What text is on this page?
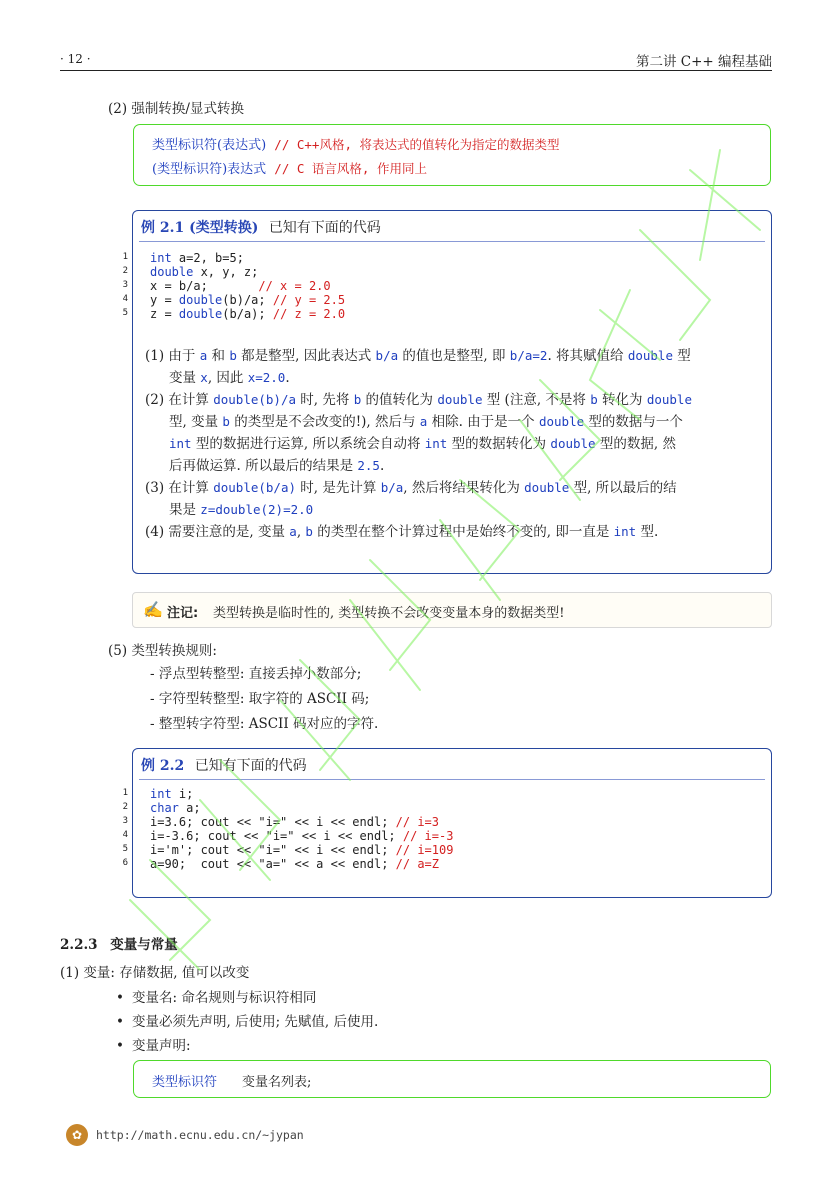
· 12 ·	第二讲 C++ 编程基础
(2) 强制转换/显式转换
类型标识符(表达式) // C++风格, 将表达式的值转化为指定的数据类型
(类型标识符)表达式 // C 语言风格, 作用同上
例 2.1 (类型转换) 已知有下面的代码
int a=2, b=5;
double x, y, z;
x = b/a;       // x = 2.0
y = double(b)/a; // y = 2.5
z = double(b/a); // z = 2.0
(1) 由于 a 和 b 都是整型, 因此表达式 b/a 的值也是整型, 即 b/a=2. 将其赋值给 double 型
变量 x, 因此 x=2.0.
(2) 在计算 double(b)/a 时, 先将 b 的值转化为 double 型 (注意, 不是将 b 转化为 double
型, 变量 b 的类型是不会改变的!), 然后与 a 相除. 由于是一个 double 型的数据与一个
int 型的数据进行运算, 所以系统会自动将 int 型的数据转化为 double 型的数据, 然
后再做运算. 所以最后的结果是 2.5.
(3) 在计算 double(b/a) 时, 是先计算 b/a, 然后将结果转化为 double 型, 所以最后的结
果是 z=double(2)=2.0
(4) 需要注意的是, 变量 a, b 的类型在整个计算过程中是始终不变的, 即一直是 int 型.
1
2
3
4
5
✍ 注记: 类型转换是临时性的, 类型转换不会改变变量本身的数据类型!
(5) 类型转换规则:
- 浮点型转整型: 直接丢掉小数部分;
- 字符型转整型: 取字符的 ASCII 码;
- 整型转字符型: ASCII 码对应的字符.
例 2.2 已知有下面的代码
int i;
char a;
i=3.6; cout << "i=" << i << endl; // i=3
i=-3.6; cout << "i=" << i << endl; // i=-3
i='m'; cout << "i=" << i << endl; // i=109
a=90;  cout << "a=" << a << endl; // a=Z
1
2
3
4
5
6
2.2.3 变量与常量
(1) 变量: 存储数据, 值可以改变
• 变量名: 命名规则与标识符相同
• 变量必须先声明, 后使用; 先赋值, 后使用.
• 变量声明:
类型标识符 变量名列表;
✿	http://math.ecnu.edu.cn/~jypan
